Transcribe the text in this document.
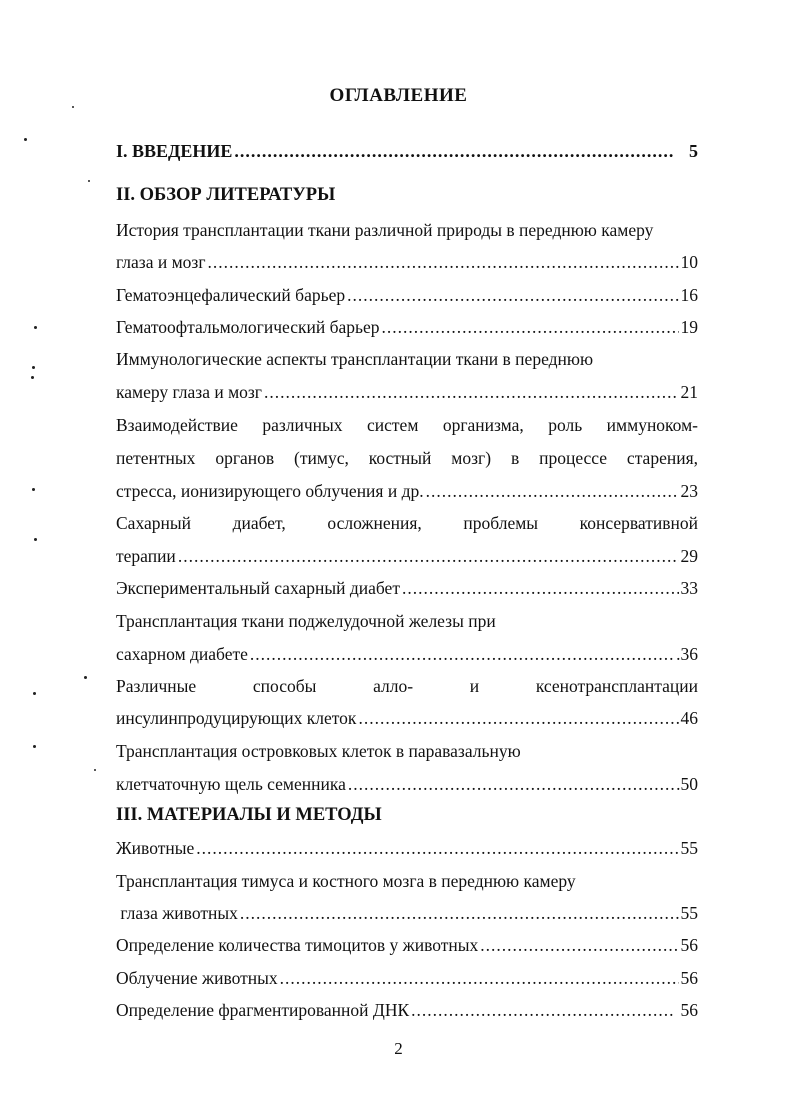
ОГЛАВЛЕНИЕ
I. ВВЕДЕНИЕ .....	5
II. ОБЗОР ЛИТЕРАТУРЫ
История трансплантации ткани различной природы в переднюю камеру
глаза и мозг .....	10
Гематоэнцефалический барьер .....	16
Гематоофтальмологический барьер .....	19
Иммунологические аспекты трансплантации ткани в переднюю
камеру глаза и мозг .....	21
Взаимодействие различных систем организма, роль иммуноком-
петентных органов (тимус, костный мозг) в процессе старения,
стресса, ионизирующего облучения и др. .....	23
Сахарный диабет, осложнения, проблемы консервативной
терапии .....	29
Экспериментальный сахарный диабет .....	33
Трансплантация ткани поджелудочной железы при
сахарном диабете .....	.36
Различные способы алло- и ксенотрансплантации
инсулинпродуцирующих клеток .....	46
Трансплантация островковых клеток в паравазальную
клетчаточную щель семенника .....	.50
III. МАТЕРИАЛЫ И МЕТОДЫ
Животные .....	55
Трансплантация тимуса и костного мозга в переднюю камеру
глаза животных .....	55
Определение количества тимоцитов у животных .....	56
Облучение животных .....	56
Определение фрагментированной ДНК .....	56
2
